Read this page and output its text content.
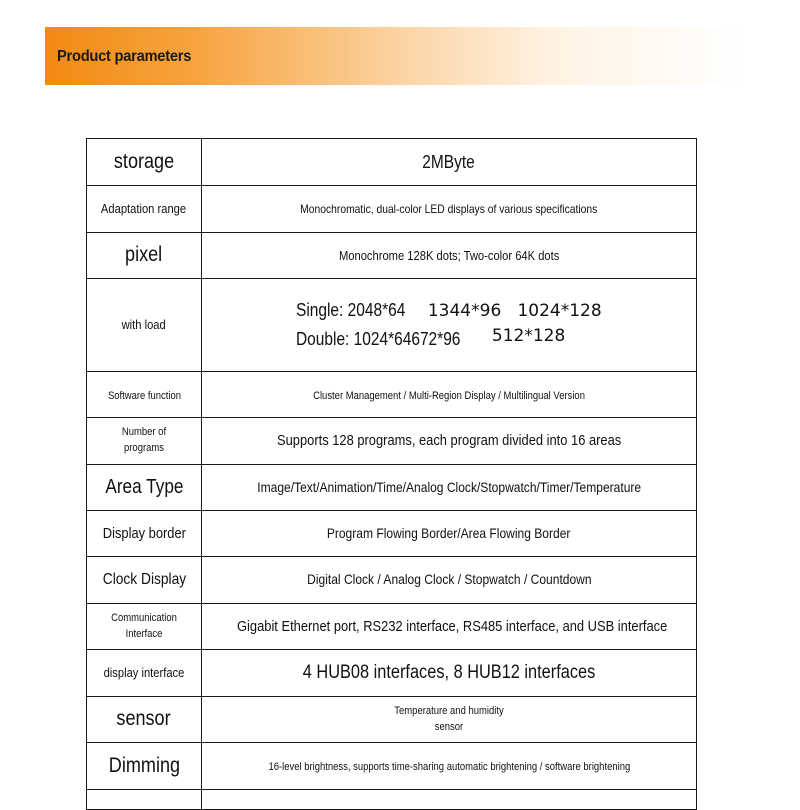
Product parameters
storage	2MByte
Adaptation range	Monochromatic, dual-color LED displays of various specifications
pixel	Monochrome 128K dots; Two-color 64K dots
with load	Single: 2048*64 1344*96   1024*128
Double: 1024*64672*96 512*128

Software function	Cluster Management / Multi-Region Display / Multilingual Version

Number of
programs	Supports 128 programs, each program divided into 16 areas
Area Type	Image/Text/Animation/Time/Analog Clock/Stopwatch/Timer/Temperature
Display border	Program Flowing Border/Area Flowing Border
Clock Display	Digital Clock / Analog Clock / Stopwatch / Countdown

Communication
Interface	Gigabit Ethernet port, RS232 interface, RS485 interface, and USB interface
display interface	4 HUB08 interfaces, 8 HUB12 interfaces
sensor	Temperature and humidity
sensor

Dimming	16-level brightness, supports time-sharing automatic brightening / software brightening
